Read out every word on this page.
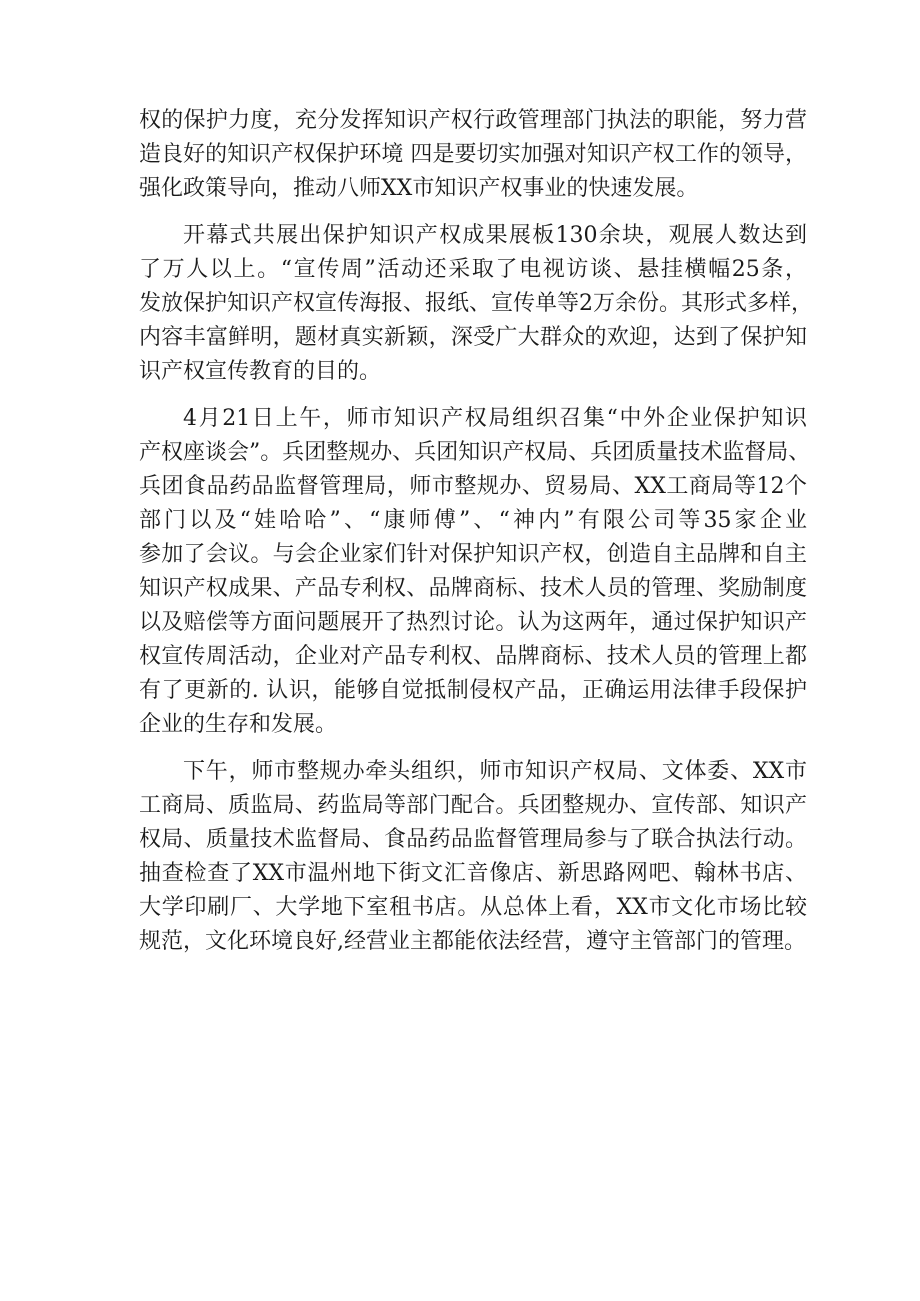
权的保护力度，充分发挥知识产权行政管理部门执法的职能，努力营
造良好的知识产权保护环境 四是要切实加强对知识产权工作的领导，
强化政策导向，推动八师XX市知识产权事业的快速发展。
开幕式共展出保护知识产权成果展板130余块，观展人数达到
了万人以上。“宣传周”活动还采取了电视访谈、悬挂横幅25条，
发放保护知识产权宣传海报、报纸、宣传单等2万余份。其形式多样，
内容丰富鲜明，题材真实新颖，深受广大群众的欢迎，达到了保护知
识产权宣传教育的目的。
4月21日上午，师市知识产权局组织召集“中外企业保护知识
产权座谈会”。兵团整规办、兵团知识产权局、兵团质量技术监督局、
兵团食品药品监督管理局，师市整规办、贸易局、XX工商局等12个
部门以及“娃哈哈”、“康师傅”、“神内”有限公司等35家企业
参加了会议。与会企业家们针对保护知识产权，创造自主品牌和自主
知识产权成果、产品专利权、品牌商标、技术人员的管理、奖励制度
以及赔偿等方面问题展开了热烈讨论。认为这两年，通过保护知识产
权宣传周活动，企业对产品专利权、品牌商标、技术人员的管理上都
有了更新的. 认识，能够自觉抵制侵权产品，正确运用法律手段保护
企业的生存和发展。
下午，师市整规办牵头组织，师市知识产权局、文体委、XX市
工商局、质监局、药监局等部门配合。兵团整规办、宣传部、知识产
权局、质量技术监督局、食品药品监督管理局参与了联合执法行动。
抽查检查了XX市温州地下街文汇音像店、新思路网吧、翰林书店、
大学印刷厂、大学地下室租书店。从总体上看，XX市文化市场比较
规范，文化环境良好,经营业主都能依法经营，遵守主管部门的管理。
